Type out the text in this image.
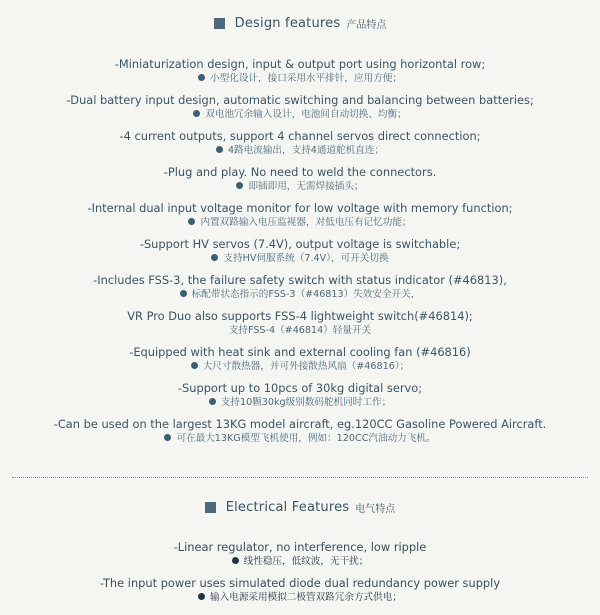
Design features 产品特点
-Miniaturization design, input & output port using horizontal row;
小型化设计，接口采用水平排针，应用方便；
-Dual battery input design, automatic switching and balancing between batteries;
双电池冗余输入设计，电池间自动切换、均衡；
-4 current outputs, support 4 channel servos direct connection;
4路电流输出，支持4通道舵机直连；
-Plug and play. No need to weld the connectors.
即插即用，无需焊接插头；
-Internal dual input voltage monitor for low voltage with memory function;
内置双路输入电压监视器，对低电压有记忆功能；
-Support HV servos (7.4V), output voltage is switchable;
支持HV伺服系统（7.4V），可开关切换
-Includes FSS-3, the failure safety switch with status indicator (#46813),
标配带状态指示的FSS-3（#46813）失效安全开关，
VR Pro Duo also supports FSS-4 lightweight switch(#46814);
支持FSS-4（#46814）轻量开关
-Equipped with heat sink and external cooling fan (#46816)
大尺寸散热器，并可外接散热风扇（#46816）；
-Support up to 10pcs of 30kg digital servo;
支持10颗30kg级别数码舵机同时工作；
-Can be used on the largest 13KG model aircraft, eg.120CC Gasoline Powered Aircraft.
可在最大13KG模型飞机使用，例如：120CC汽油动力飞机。
Electrical Features 电气特点
-Linear regulator, no interference, low ripple
线性稳压，低纹波，无干扰；
-The input power uses simulated diode dual redundancy power supply
输入电源采用模拟二极管双路冗余方式供电；
